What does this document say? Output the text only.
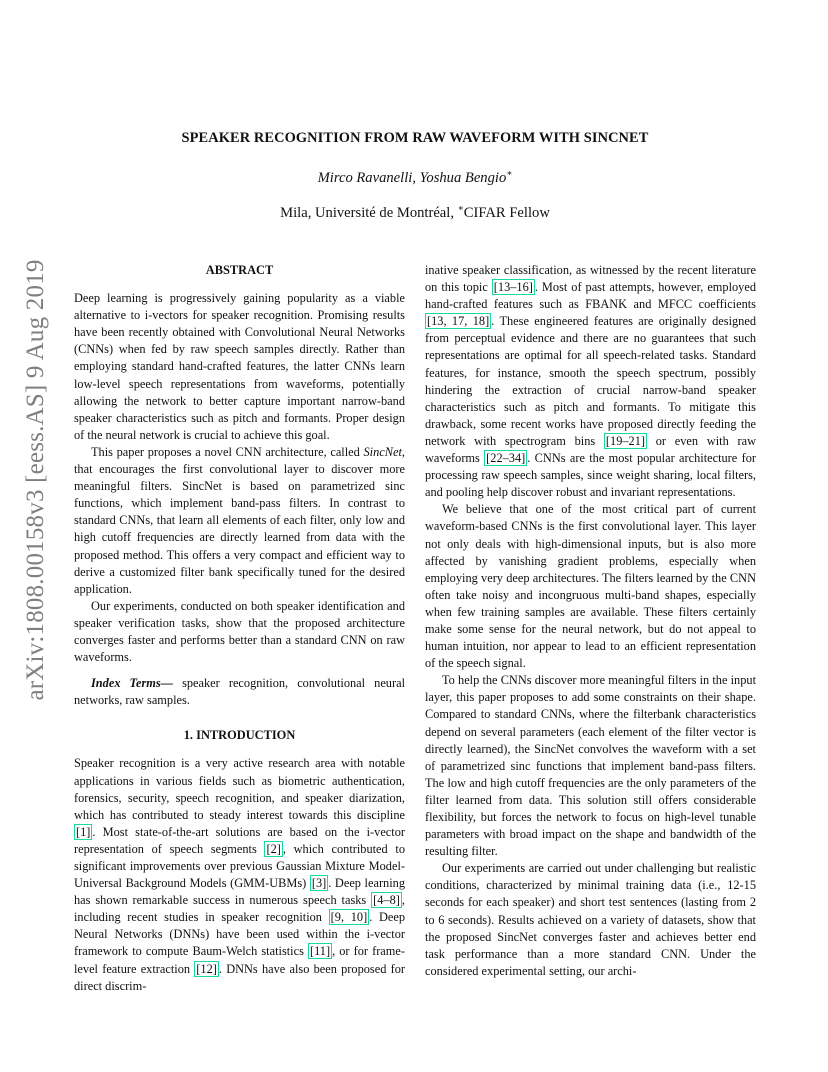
arXiv:1808.00158v3 [eess.AS] 9 Aug 2019
SPEAKER RECOGNITION FROM RAW WAVEFORM WITH SINCNET
Mirco Ravanelli, Yoshua Bengio∗
Mila, Université de Montréal, ∗CIFAR Fellow
ABSTRACT

Deep learning is progressively gaining popularity as a viable alternative to i-vectors for speaker recognition. Promising results have been recently obtained with Convolutional Neural Networks (CNNs) when fed by raw speech samples directly. Rather than employing standard hand-crafted features, the latter CNNs learn low-level speech representations from waveforms, potentially allowing the network to better capture important narrow-band speaker characteristics such as pitch and formants. Proper design of the neural network is crucial to achieve this goal.

This paper proposes a novel CNN architecture, called SincNet, that encourages the first convolutional layer to discover more meaningful filters. SincNet is based on parametrized sinc functions, which implement band-pass filters. In contrast to standard CNNs, that learn all elements of each filter, only low and high cutoff frequencies are directly learned from data with the proposed method. This offers a very compact and efficient way to derive a customized filter bank specifically tuned for the desired application.

Our experiments, conducted on both speaker identification and speaker verification tasks, show that the proposed architecture converges faster and performs better than a standard CNN on raw waveforms.

Index Terms— speaker recognition, convolutional neural networks, raw samples.

1. INTRODUCTION

Speaker recognition is a very active research area with notable applications in various fields such as biometric authentication, forensics, security, speech recognition, and speaker diarization, which has contributed to steady interest towards this discipline [1] . Most state-of-the-art solutions are based on the i-vector representation of speech segments [2] , which contributed to significant improvements over previous Gaussian Mixture Model-Universal Background Models (GMM-UBMs) [3] . Deep learning has shown remarkable success in numerous speech tasks [4–8] , including recent studies in speaker recognition [9, 10] . Deep Neural Networks (DNNs) have been used within the i-vector framework to compute Baum-Welch statistics [11] , or for frame-level feature extraction [12] . DNNs have also been proposed for direct discrim-

inative speaker classification, as witnessed by the recent literature on this topic [13–16] . Most of past attempts, however, employed hand-crafted features such as FBANK and MFCC coefficients [13, 17, 18] . These engineered features are originally designed from perceptual evidence and there are no guarantees that such representations are optimal for all speech-related tasks. Standard features, for instance, smooth the speech spectrum, possibly hindering the extraction of crucial narrow-band speaker characteristics such as pitch and formants. To mitigate this drawback, some recent works have proposed directly feeding the network with spectrogram bins [19–21] or even with raw waveforms [22–34] . CNNs are the most popular architecture for processing raw speech samples, since weight sharing, local filters, and pooling help discover robust and invariant representations.

We believe that one of the most critical part of current waveform-based CNNs is the first convolutional layer. This layer not only deals with high-dimensional inputs, but is also more affected by vanishing gradient problems, especially when employing very deep architectures. The filters learned by the CNN often take noisy and incongruous multi-band shapes, especially when few training samples are available. These filters certainly make some sense for the neural network, but do not appeal to human intuition, nor appear to lead to an efficient representation of the speech signal.

To help the CNNs discover more meaningful filters in the input layer, this paper proposes to add some constraints on their shape. Compared to standard CNNs, where the filterbank characteristics depend on several parameters (each element of the filter vector is directly learned), the SincNet convolves the waveform with a set of parametrized sinc functions that implement band-pass filters. The low and high cutoff frequencies are the only parameters of the filter learned from data. This solution still offers considerable flexibility, but forces the network to focus on high-level tunable parameters with broad impact on the shape and bandwidth of the resulting filter.

Our experiments are carried out under challenging but realistic conditions, characterized by minimal training data (i.e., 12-15 seconds for each speaker) and short test sentences (lasting from 2 to 6 seconds). Results achieved on a variety of datasets, show that the proposed SincNet converges faster and achieves better end task performance than a more standard CNN. Under the considered experimental setting, our archi-
